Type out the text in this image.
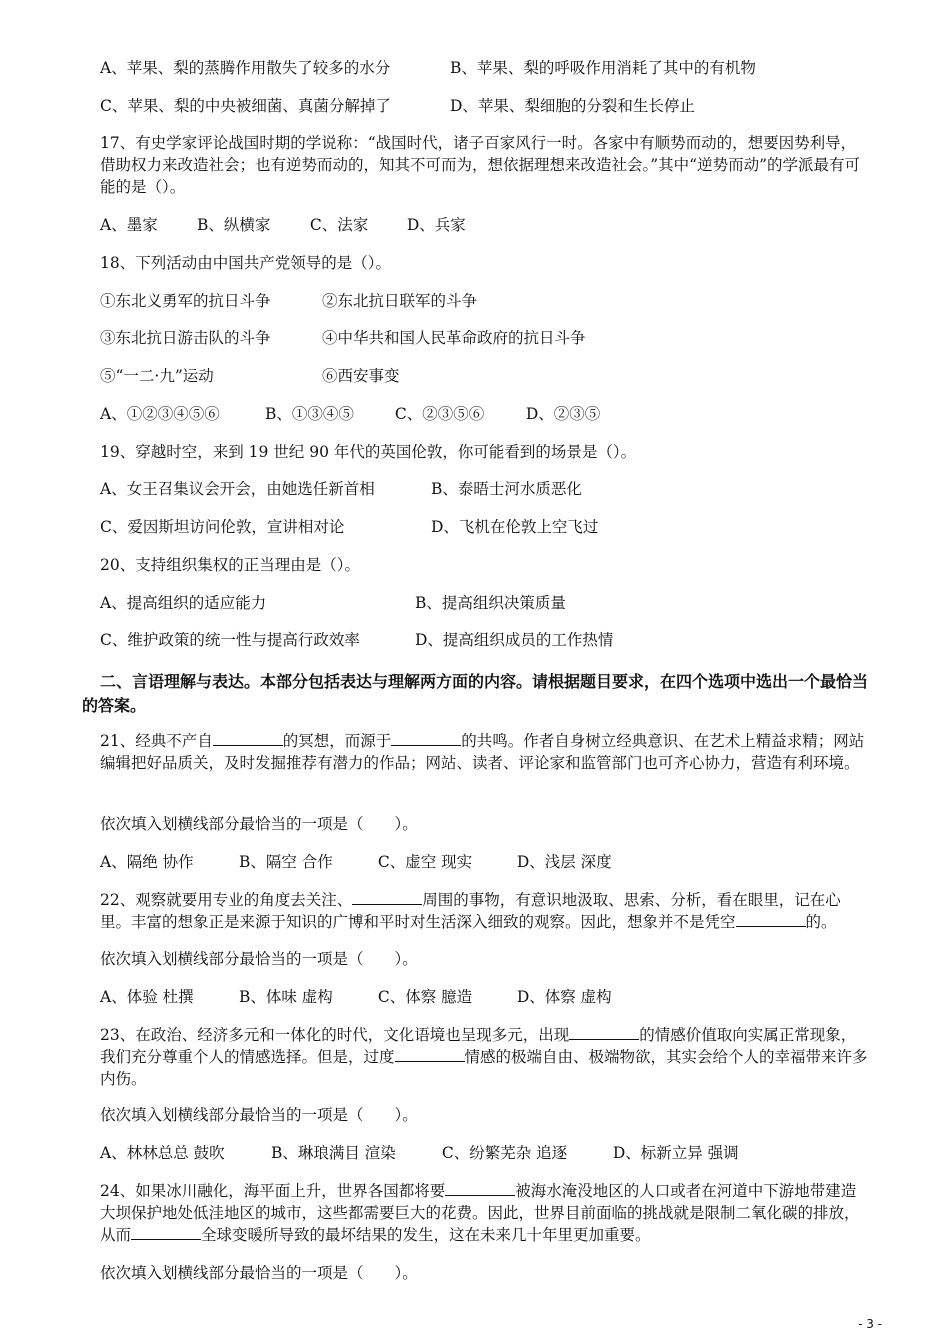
A、苹果、梨的蒸腾作用散失了较多的水分	B、苹果、梨的呼吸作用消耗了其中的有机物
C、苹果、梨的中央被细菌、真菌分解掉了	D、苹果、梨细胞的分裂和生长停止
17、有史学家评论战国时期的学说称：“战国时代，诸子百家风行一时。各家中有顺势而动的，想要因势利导，借助权力来改造社会；也有逆势而动的，知其不可而为，想依据理想来改造社会。”其中“逆势而动”的学派最有可能的是（）。
A、墨家	B、纵横家	C、法家 D、兵家
18、下列活动由中国共产党领导的是（）。
①东北义勇军的抗日斗争	②东北抗日联军的斗争
③东北抗日游击队的斗争	④中华共和国人民革命政府的抗日斗争
⑤“一二·九”运动	⑥西安事变
A、①②③④⑤⑥	B、①③④⑤	C、②③⑤⑥	D、②③⑤
19、穿越时空，来到 19 世纪 90 年代的英国伦敦，你可能看到的场景是（）。
A、女王召集议会开会，由她选任新首相	B、泰晤士河水质恶化
C、爱因斯坦访问伦敦，宣讲相对论	D、飞机在伦敦上空飞过
20、支持组织集权的正当理由是（）。
A、提高组织的适应能力	B、提高组织决策质量
C、维护政策的统一性与提高行政效率	D、提高组织成员的工作热情
二、言语理解与表达。本部分包括表达与理解两方面的内容。请根据题目要求，在四个选项中选出一个最恰当的答案。
21、经典不产自	的冥想，而源于	的共鸣。作者自身树立经典意识、在艺术上精益求精；网站编辑把好品质关，及时发掘推荐有潜力的作品；网站、读者、评论家和监管部门也可齐心协力，营造有利环境。
依次填入划横线部分最恰当的一项是（　　）。
A、隔绝 协作	B、隔空 合作	C、虚空 现实	D、浅层 深度
22、观察就要用专业的角度去关注、	周围的事物，有意识地汲取、思索、分析，看在眼里，记在心里。丰富的想象正是来源于知识的广博和平时对生活深入细致的观察。因此，想象并不是凭空	的。
依次填入划横线部分最恰当的一项是（　　）。
A、体验 杜撰	B、体味 虚构	C、体察 臆造	D、体察 虚构
23、在政治、经济多元和一体化的时代，文化语境也呈现多元，出现	的情感价值取向实属正常现象，我们充分尊重个人的情感选择。但是，过度	情感的极端自由、极端物欲，其实会给个人的幸福带来许多内伤。
依次填入划横线部分最恰当的一项是（　　）。
A、林林总总 鼓吹	B、琳琅满目 渲染	C、纷繁芜杂 追逐	D、标新立异 强调
24、如果冰川融化，海平面上升，世界各国都将要	被海水淹没地区的人口或者在河道中下游地带建造大坝保护地处低洼地区的城市，这些都需要巨大的花费。因此，世界目前面临的挑战就是限制二氧化碳的排放，从而	全球变暖所导致的最坏结果的发生，这在未来几十年里更加重要。
依次填入划横线部分最恰当的一项是（　　）。
- 3 -
